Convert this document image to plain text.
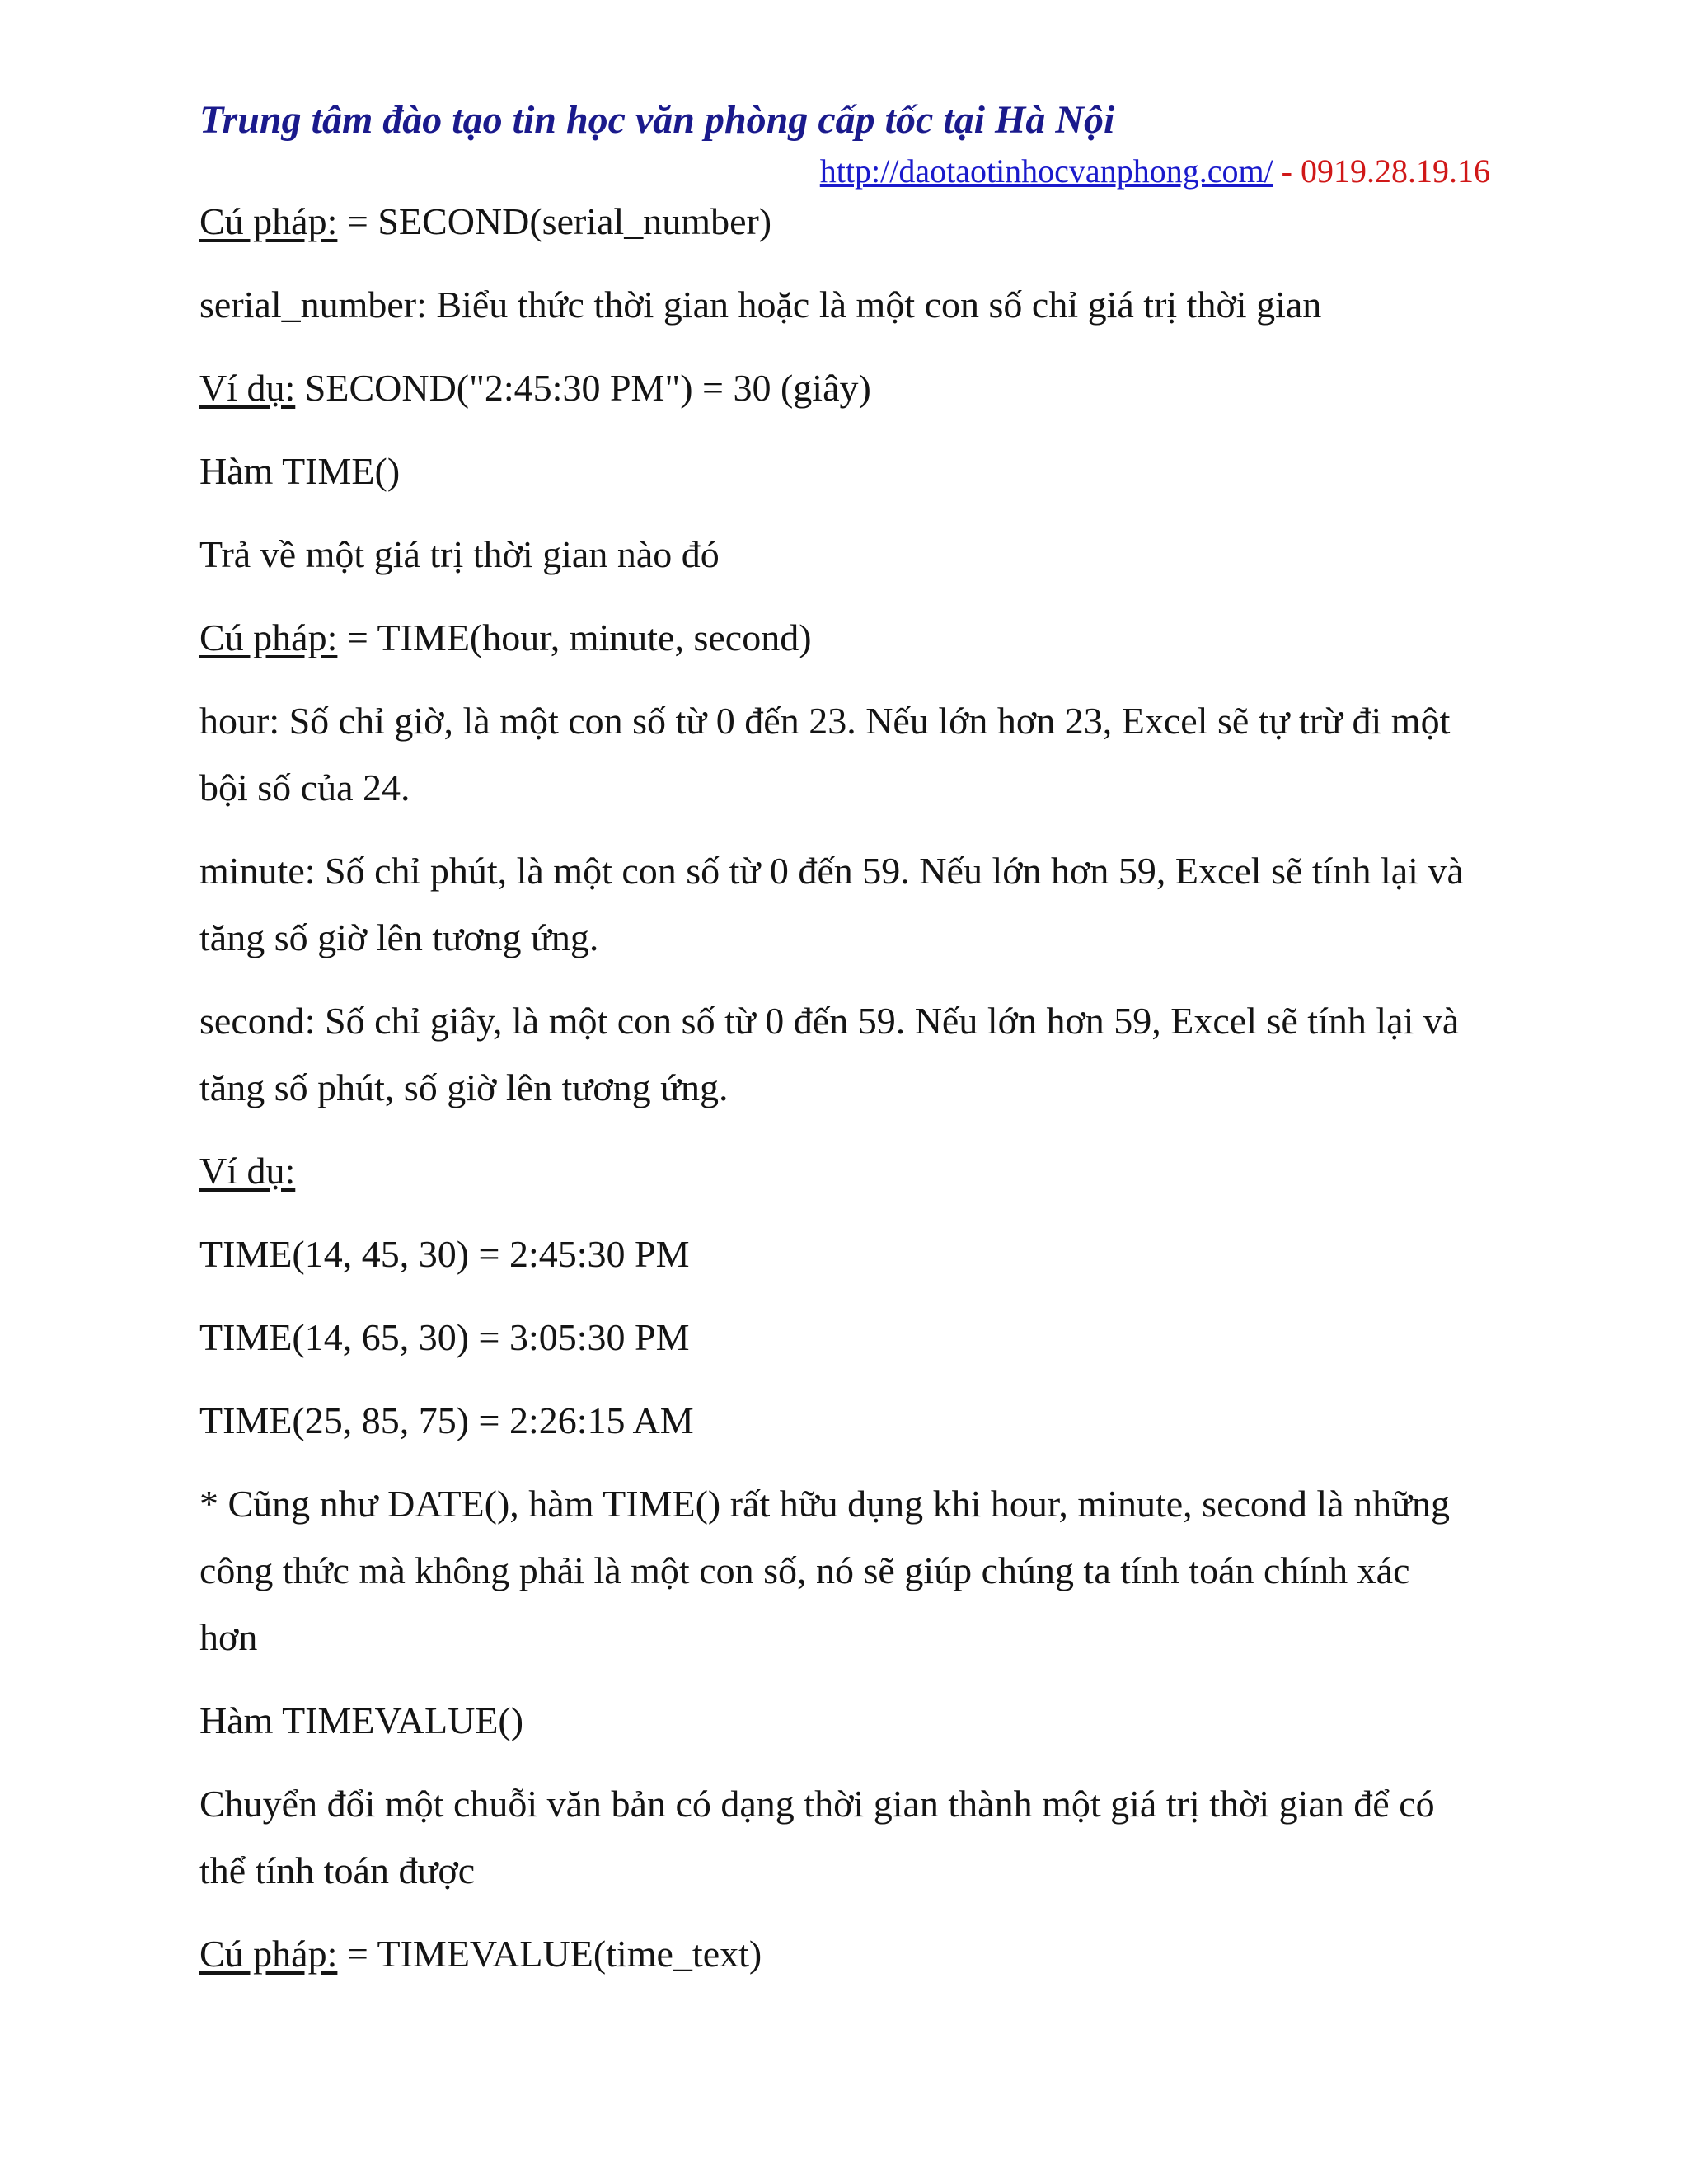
Trung tâm đào tạo tin học văn phòng cấp tốc tại Hà Nội
http://daotaotinhocvanphong.com/ - 0919.28.19.16
Cú pháp: = SECOND(serial_number)
serial_number: Biểu thức thời gian hoặc là một con số chỉ giá trị thời gian
Ví dụ: SECOND("2:45:30 PM") = 30 (giây)
Hàm TIME()
Trả về một giá trị thời gian nào đó
Cú pháp: = TIME(hour, minute, second)
hour: Số chỉ giờ, là một con số từ 0 đến 23. Nếu lớn hơn 23, Excel sẽ tự trừ đi một
bội số của 24.
minute: Số chỉ phút, là một con số từ 0 đến 59. Nếu lớn hơn 59, Excel sẽ tính lại và
tăng số giờ lên tương ứng.
second: Số chỉ giây, là một con số từ 0 đến 59. Nếu lớn hơn 59, Excel sẽ tính lại và
tăng số phút, số giờ lên tương ứng.
Ví dụ:
TIME(14, 45, 30) = 2:45:30 PM
TIME(14, 65, 30) = 3:05:30 PM
TIME(25, 85, 75) = 2:26:15 AM
* Cũng như DATE(), hàm TIME() rất hữu dụng khi hour, minute, second là những
công thức mà không phải là một con số, nó sẽ giúp chúng ta tính toán chính xác
hơn
Hàm TIMEVALUE()
Chuyển đổi một chuỗi văn bản có dạng thời gian thành một giá trị thời gian để có
thể tính toán được
Cú pháp: = TIMEVALUE(time_text)
